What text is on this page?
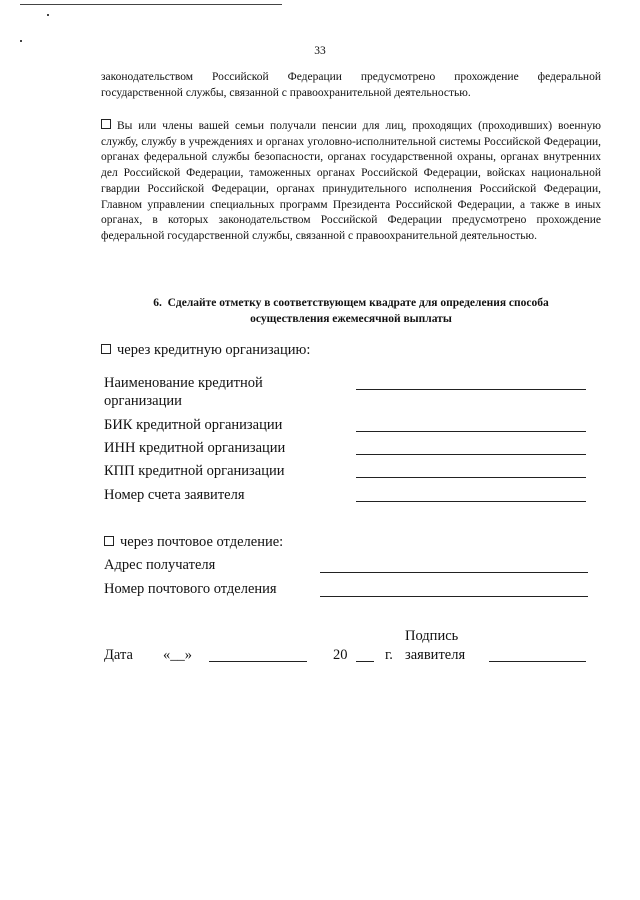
33
законодательством Российской Федерации предусмотрено прохождение федеральной государственной службы, связанной с правоохранительной деятельностью.
Вы или члены вашей семьи получали пенсии для лиц, проходящих (проходивших) военную службу, службу в учреждениях и органах уголовно-исполнительной системы Российской Федерации, органах федеральной службы безопасности, органах государственной охраны, органах внутренних дел Российской Федерации, таможенных органах Российской Федерации, войсках национальной гвардии Российской Федерации, органах принудительного исполнения Российской Федерации, Главном управлении специальных программ Президента Российской Федерации, а также в иных органах, в которых законодательством Российской Федерации предусмотрено прохождение федеральной государственной службы, связанной с правоохранительной деятельностью.
6. Сделайте отметку в соответствующем квадрате для определения способа
осуществления ежемесячной выплаты
через кредитную организацию:
Наименование кредитной организации
БИК кредитной организации
ИНН кредитной организации
КПП кредитной организации
Номер счета заявителя
через почтовое отделение:
Адрес получателя
Номер почтового отделения
Подпись
Дата «__»	20	г. заявителя
